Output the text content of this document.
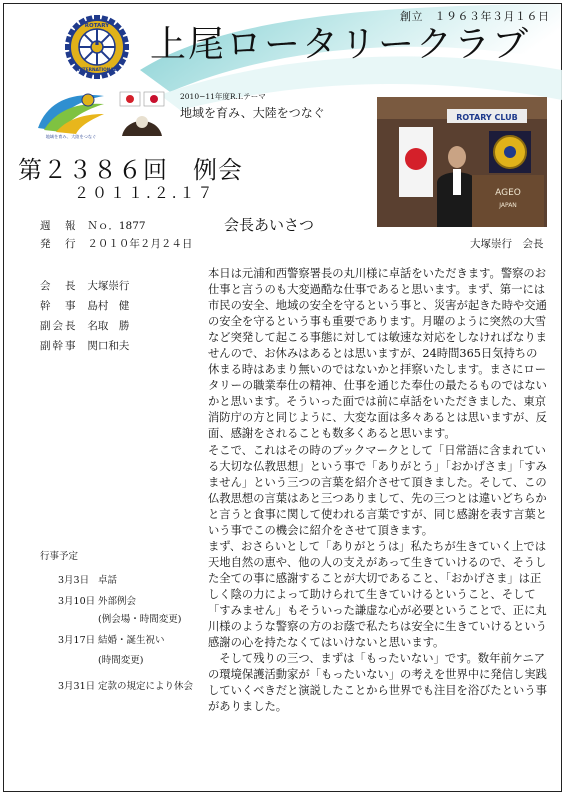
創立　１９６３年３月１６日
ROTARY
INTERNATIONAL
上尾ロータリークラブ
地域を育み、大陸をつなぐ
2010−11年度R.I.テーマ
地域を育み、大陸をつなぐ	ROTARY CLUB
AGEO
JAPAN
第２３８６回　例会
２０１１.２.１７
週　報 Ｎｏ．1877
発　行 ２０１０年２月２４日
会　長 大塚崇行
幹　事 島村　健
副会長 名取　勝
副幹事 関口和夫
行事予定
3月3日 卓話
3月10日 外部例会
(例会場・時間変更)
3月17日 結婚・誕生祝い
(時間変更)
3月31日 定款の規定により休会
会長あいさつ
大塚崇行　会長

本日は元浦和西警察署長の丸川様に卓話をいただきます。警察のお仕事と言うのも大変過酷な仕事であると思います。まず、第一には市民の安全、地域の安全を守るという事と、災害が起きた時や交通の安全を守るという事も重要であります。月曜のように突然の大雪など突発して起こる事態に対しては敏速な対応をしなければなりませんので、お休みはあるとは思いますが、24時間365日気持ちの休まる時はあまり無いのではないかと拝察いたします。まさにロータリーの職業奉仕の精神、仕事を通じた奉仕の最たるものではないかと思います。そういった面では前に卓話をいただきました、東京消防庁の方と同じように、大変な面は多々あるとは思いますが、反面、感謝をされることも数多くあると思います。

そこで、これはその時のブックマークとして「日常語に含まれている大切な仏教思想」という事で「ありがとう」「おかげさま」「すみません」という三つの言葉を紹介させて頂きました。そして、この仏教思想の言葉はあと三つありまして、先の三つとは違いどちらかと言うと食事に関して使われる言葉ですが、同じ感謝を表す言葉という事でこの機会に紹介をさせて頂きます。

まず、おさらいとして「ありがとうは」私たちが生きていく上では天地自然の恵や、他の人の支えがあって生きていけるので、そうした全ての事に感謝することが大切であること、「おかげさま」は正しく陰の力によって助けられて生きていけるということ、そして「すみません」もそういった謙虚な心が必要ということで、正に丸川様のような警察の方のお蔭で私たちは安全に生きていけるという感謝の心を持たなくてはいけないと思います。

　そして残りの三つ、まずは「もったいない」です。数年前ケニアの環境保護活動家が「もったいない」の考えを世界中に発信し実践していくべきだと演説したことから世界でも注目を浴びたという事がありました。
